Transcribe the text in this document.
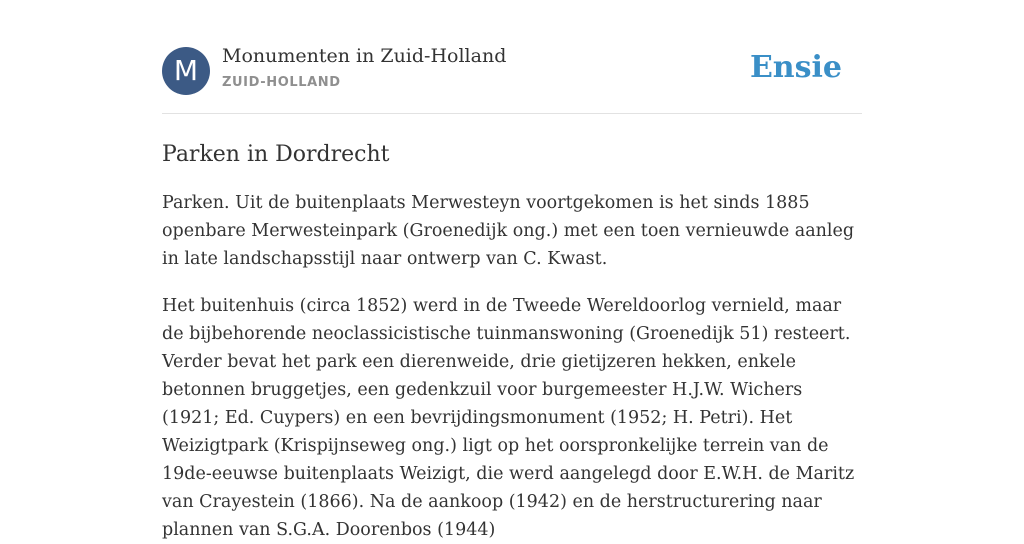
M	Monumenten in Zuid-Holland
ZUID-HOLLAND	Ensie
Parken in Dordrecht

Parken. Uit de buitenplaats Merwesteyn voortgekomen is het sinds 1885 openbare Merwesteinpark (Groenedijk ong.) met een toen vernieuwde aanleg in late landschapsstijl naar ontwerp van C. Kwast.

Het buitenhuis (circa 1852) werd in de Tweede Wereldoorlog vernield, maar de bijbehorende neoclassicistische tuinmanswoning (Groenedijk 51) resteert. Verder bevat het park een dierenweide, drie gietijzeren hekken, enkele betonnen bruggetjes, een gedenkzuil voor burgemeester H.J.W. Wichers (1921; Ed. Cuypers) en een bevrijdingsmonument (1952; H. Petri). Het Weizigtpark (Krispijnseweg ong.) ligt op het oorspronkelijke terrein van de 19de-eeuwse buitenplaats Weizigt, die werd aangelegd door E.W.H. de Maritz van Crayestein (1866). Na de aankoop (1942) en de herstructurering naar plannen van S.G.A. Doorenbos (1944)
